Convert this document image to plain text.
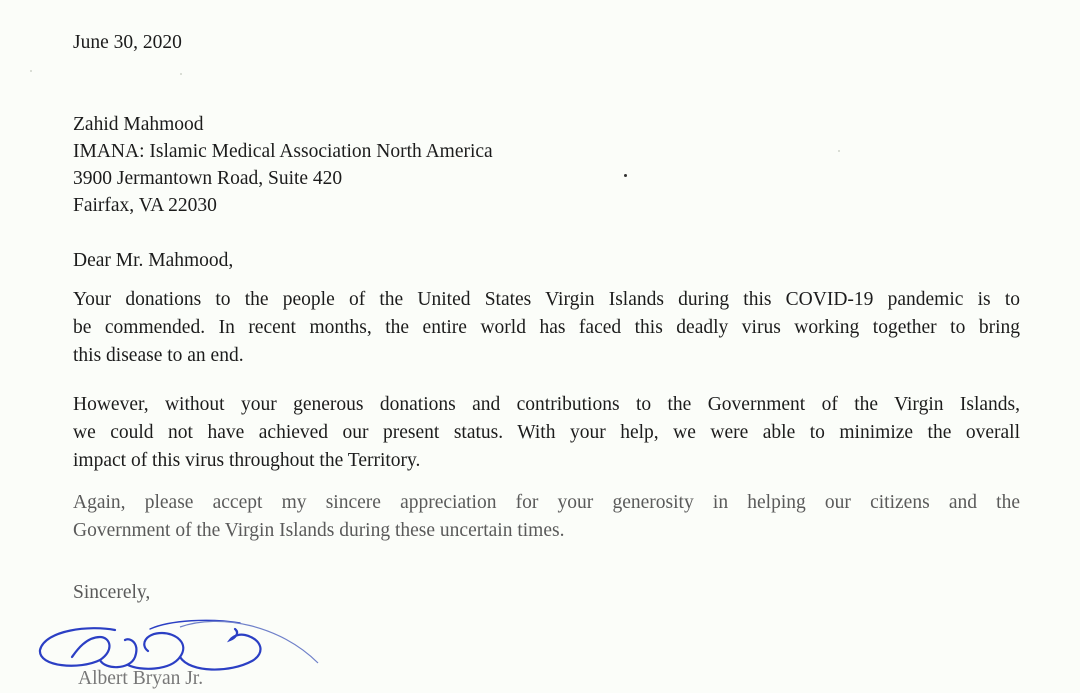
June 30, 2020
Zahid Mahmood
IMANA: Islamic Medical Association North America
3900 Jermantown Road, Suite 420
Fairfax, VA 22030
Dear Mr. Mahmood,
Your donations to the people of the United States Virgin Islands during this COVID-19 pandemic is to
be commended. In recent months, the entire world has faced this deadly virus working together to bring
this disease to an end.
However, without your generous donations and contributions to the Government of the Virgin Islands,
we could not have achieved our present status. With your help, we were able to minimize the overall
impact of this virus throughout the Territory.
Again, please accept my sincere appreciation for your generosity in helping our citizens and the
Government of the Virgin Islands during these uncertain times.
Sincerely,
Albert Bryan Jr.
